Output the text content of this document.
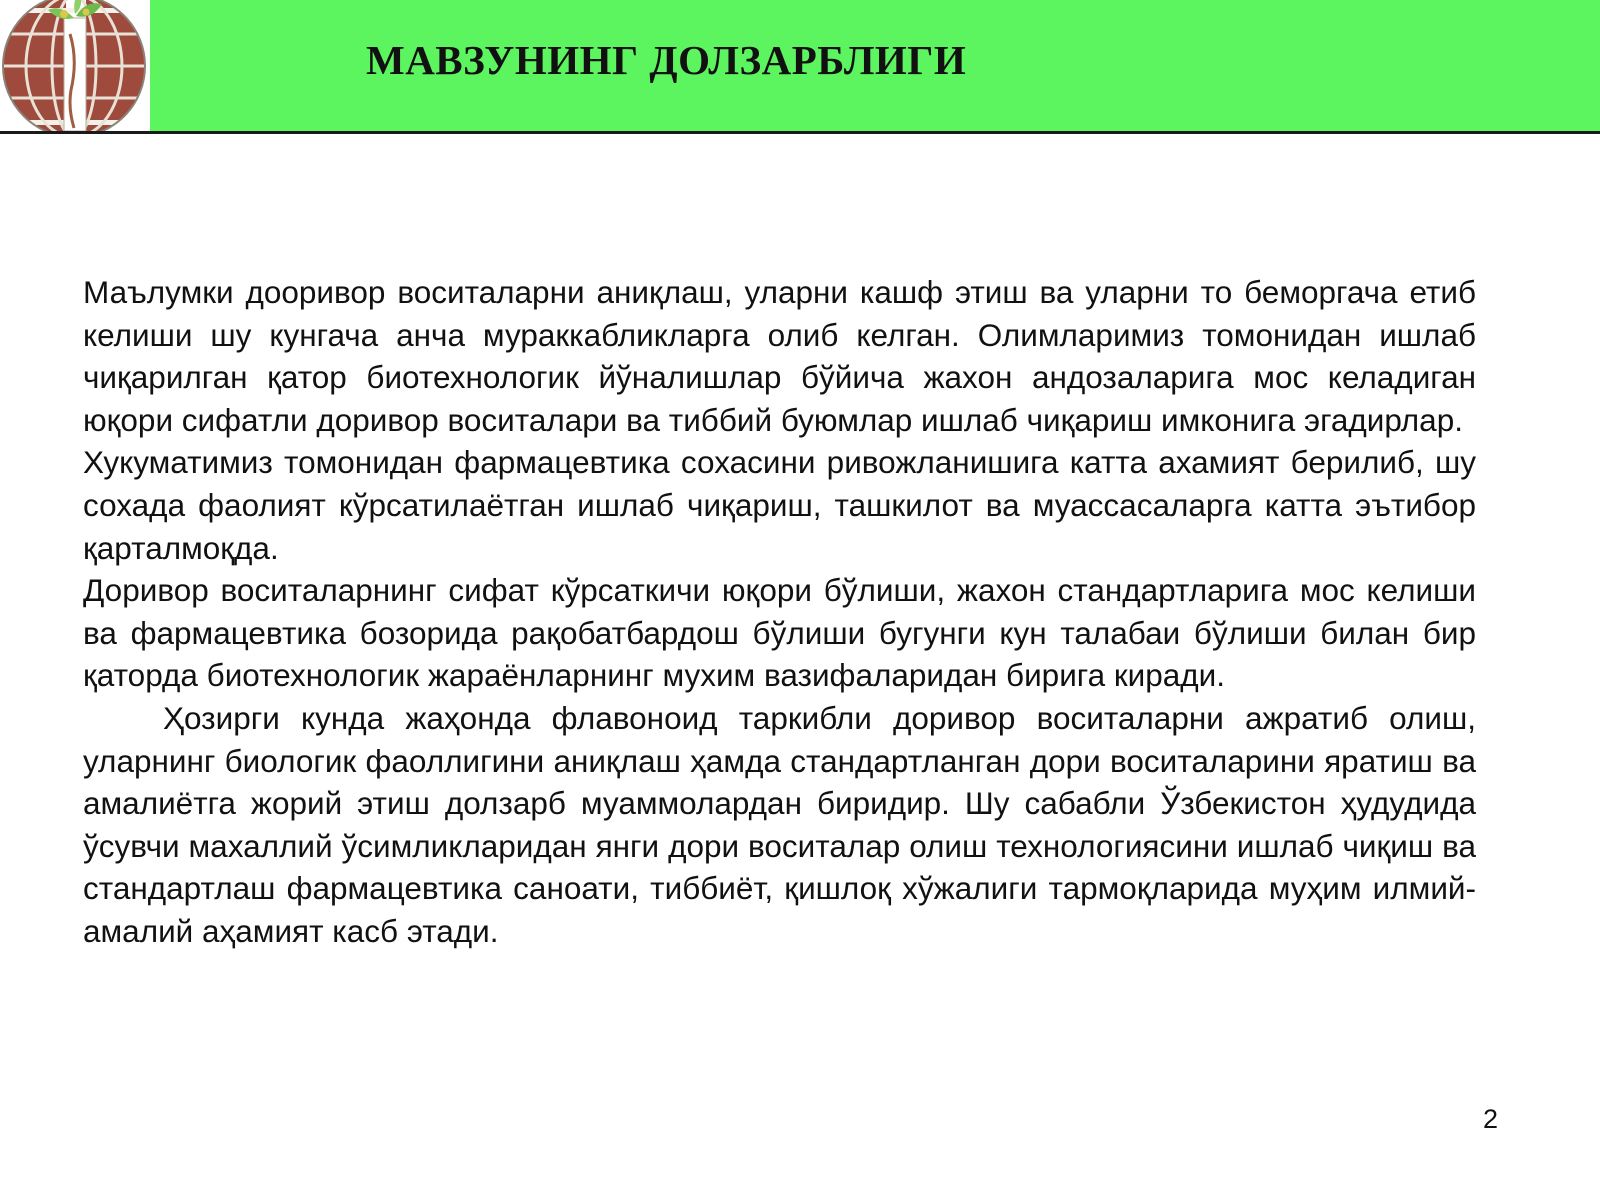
МАВЗУНИНГ ДОЛЗАРБЛИГИ

Маълумки дооривор воситаларни аниқлаш, уларни кашф этиш ва уларни то беморгача етиб келиши шу кунгача анча мураккабликларга олиб келган. Олимларимиз томонидан ишлаб чиқарилган қатор биотехнологик йўналишлар бўйича жахон андозаларига мос келадиган юқори сифатли доривор воситалари ва тиббий буюмлар ишлаб чиқариш имконига эгадирлар.

Хукуматимиз томонидан фармацевтика сохасини ривожланишига катта ахамият берилиб, шу сохада фаолият кўрсатилаётган ишлаб чиқариш, ташкилот ва муассасаларга катта эътибор қарталмоқда.

Доривор воситаларнинг сифат кўрсаткичи юқори бўлиши, жахон стандартларига мос келиши ва фармацевтика бозорида рақобатбардош бўлиши бугунги кун талабаи бўлиши билан бир қаторда биотехнологик жараёнларнинг мухим вазифаларидан бирига киради.

Ҳозирги кунда жаҳонда флавоноид таркибли доривор воситаларни ажратиб олиш, уларнинг биологик фаоллигини аниқлаш ҳамда стандартланган дори воситаларини яратиш ва амалиётга жорий этиш долзарб муаммолардан биридир. Шу сабабли Ўзбекистон ҳудудида ўсувчи махаллий ўсимликларидан янги дори воситалар олиш технологиясини ишлаб чиқиш ва стандартлаш фармацевтика саноати, тиббиёт, қишлоқ хўжалиги тармоқларида муҳим илмий-амалий аҳамият касб этади.

2
